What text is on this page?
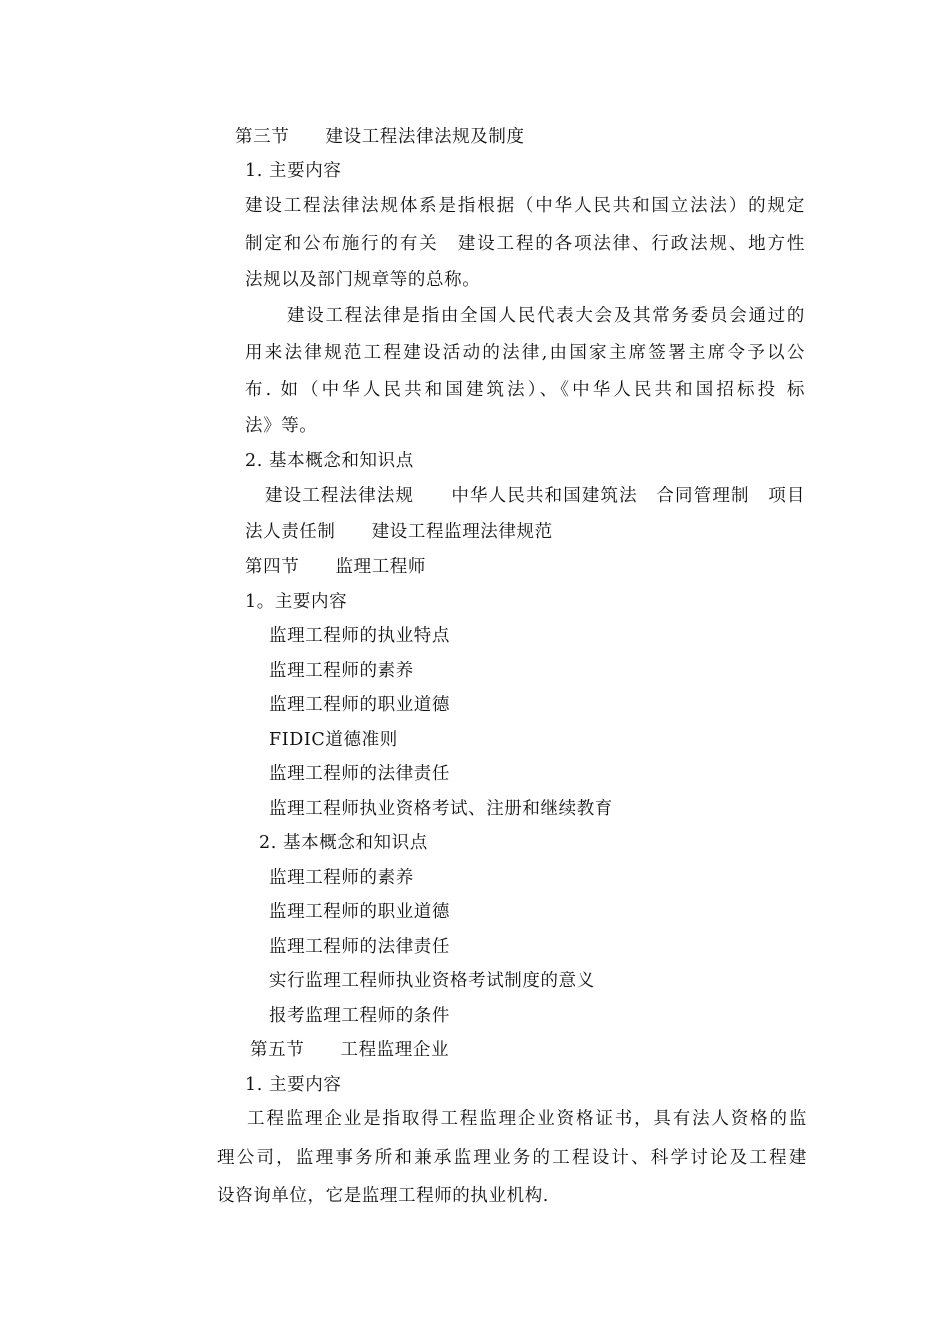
第三节　　建设工程法律法规及制度
1. 主要内容
建设工程法律法规体系是指根据（中华人民共和国立法法）的规定
制定和公布施行的有关　建设工程的各项法律、行政法规、地方性
法规以及部门规章等的总称。
建设工程法律是指由全国人民代表大会及其常务委员会通过的
用来法律规范工程建设活动的法律,由国家主席签署主席令予以公
布. 如（中华人民共和国建筑法）、《中华人民共和国招标投 标
法》等。
2. 基本概念和知识点
建设工程法律法规　　中华人民共和国建筑法　合同管理制　项目
法人责任制　　建设工程监理法律规范
第四节　　监理工程师
1。主要内容
监理工程师的执业特点
监理工程师的素养
监理工程师的职业道德
FIDIC道德准则
监理工程师的法律责任
监理工程师执业资格考试、注册和继续教育
2. 基本概念和知识点
监理工程师的素养
监理工程师的职业道德
监理工程师的法律责任
实行监理工程师执业资格考试制度的意义
报考监理工程师的条件
第五节　　工程监理企业
1. 主要内容
工程监理企业是指取得工程监理企业资格证书，具有法人资格的监
理公司，监理事务所和兼承监理业务的工程设计、科学讨论及工程建
设咨询单位，它是监理工程师的执业机构.
